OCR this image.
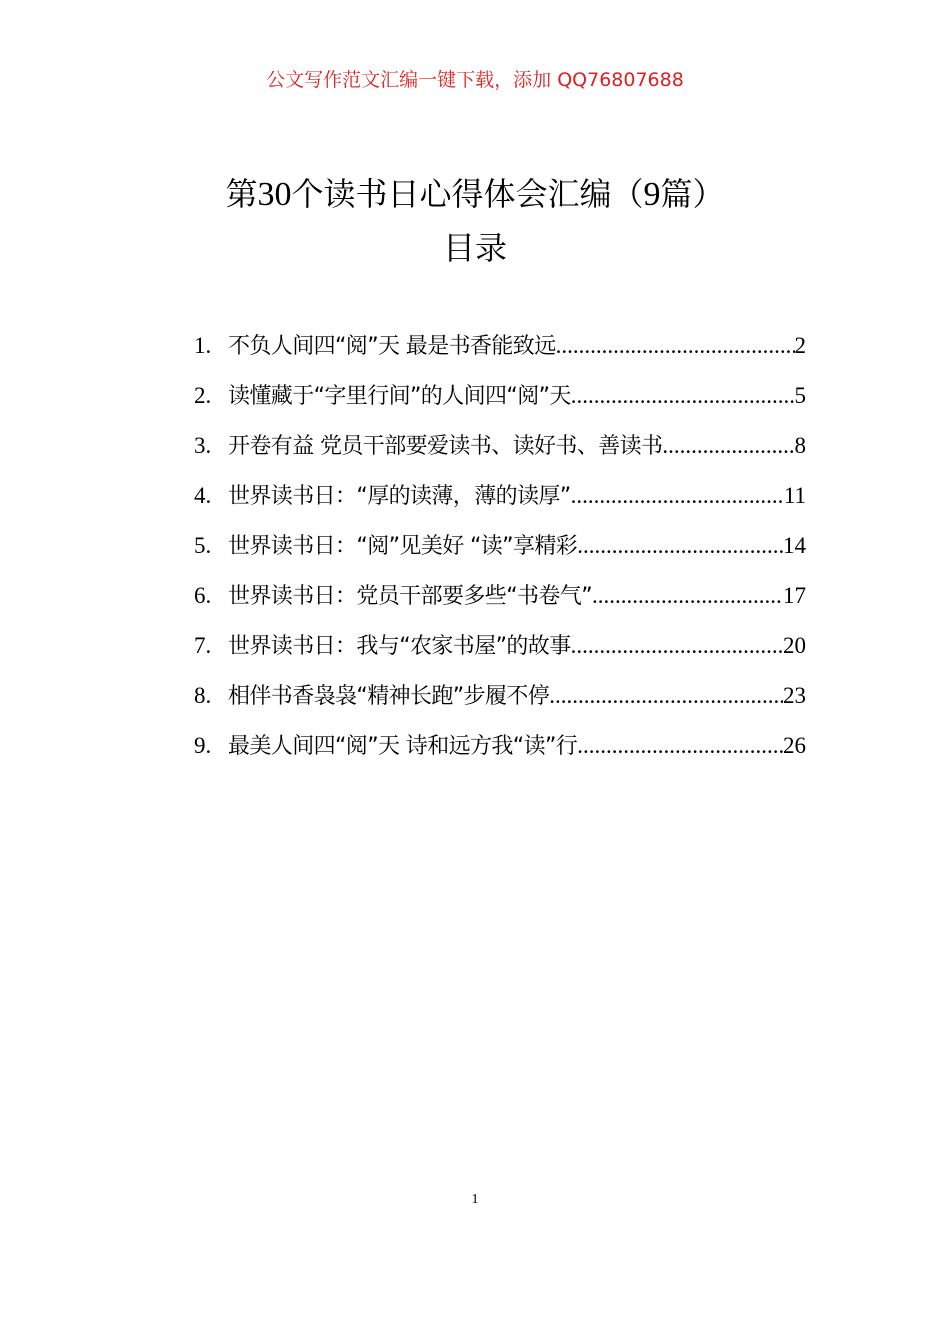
公文写作范文汇编一键下载，添加 QQ76807688
第30个读书日心得体会汇编（9篇）
目录
1. 不负人间四“阅”天 最是书香能致远 .....	2
2. 读懂藏于“字里行间”的人间四“阅”天 .....	5
3. 开卷有益 党员干部要爱读书、读好书、善读书 .....	8
4. 世界读书日：“厚的读薄，薄的读厚” .....	11
5. 世界读书日：“阅”见美好 “读”享精彩 .....	14
6. 世界读书日：党员干部要多些“书卷气” .....	17
7. 世界读书日：我与“农家书屋”的故事 .....	20
8. 相伴书香袅袅“精神长跑”步履不停 .....	23
9. 最美人间四“阅”天 诗和远方我“读”行 .....	26
1
